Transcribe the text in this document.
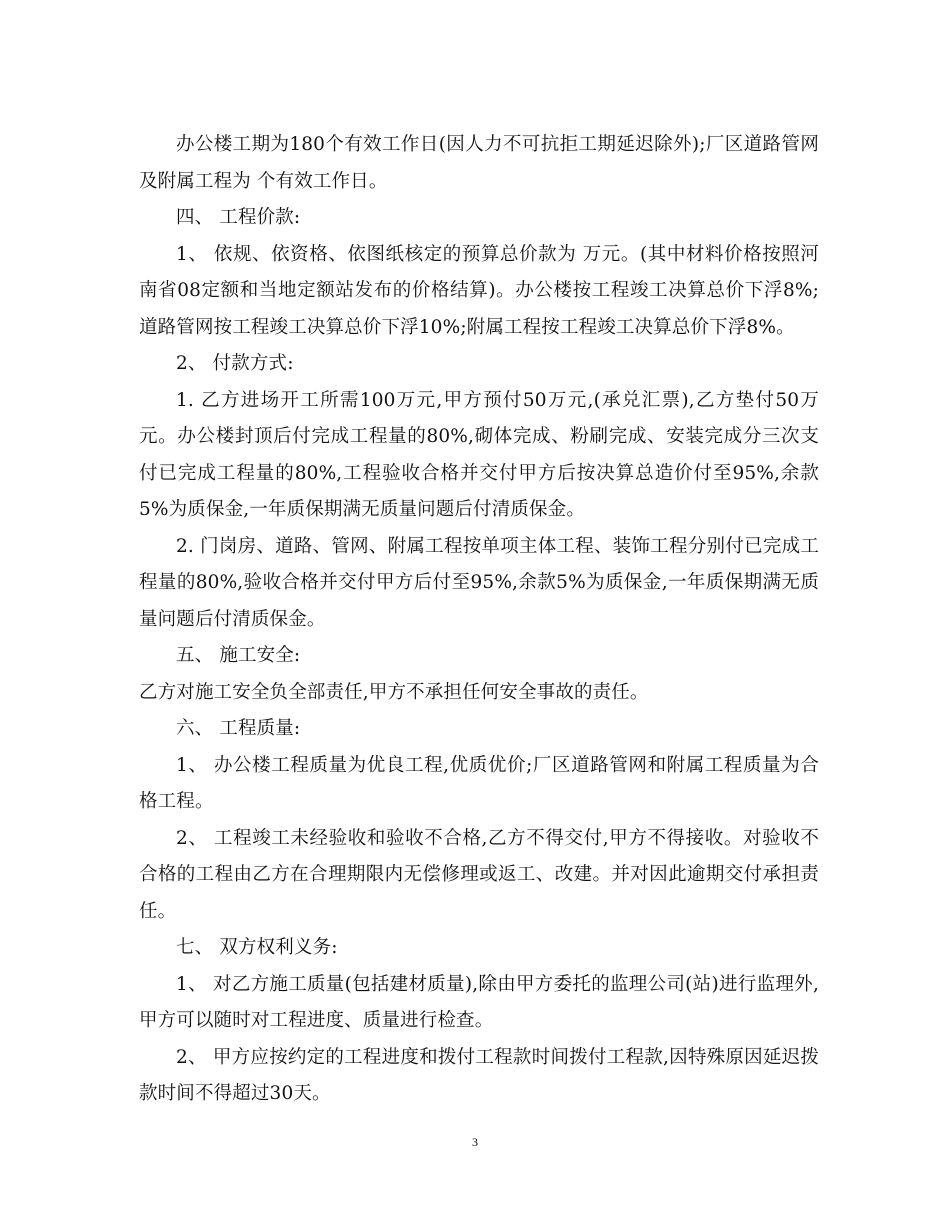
办公楼工期为180个有效工作日(因人力不可抗拒工期延迟除外);厂区道路管网及附属工程为 个有效工作日。

四、 工程价款:

1、 依规、依资格、依图纸核定的预算总价款为 万元。(其中材料价格按照河南省08定额和当地定额站发布的价格结算)。办公楼按工程竣工决算总价下浮8%;道路管网按工程竣工决算总价下浮10%;附属工程按工程竣工决算总价下浮8%。

2、 付款方式:

1. 乙方进场开工所需100万元,甲方预付50万元,(承兑汇票),乙方垫付50万元。办公楼封顶后付完成工程量的80%,砌体完成、粉刷完成、安装完成分三次支付已完成工程量的80%,工程验收合格并交付甲方后按决算总造价付至95%,余款5%为质保金,一年质保期满无质量问题后付清质保金。

2. 门岗房、道路、管网、附属工程按单项主体工程、装饰工程分别付已完成工程量的80%,验收合格并交付甲方后付至95%,余款5%为质保金,一年质保期满无质量问题后付清质保金。

五、 施工安全:

乙方对施工安全负全部责任,甲方不承担任何安全事故的责任。

六、 工程质量:

1、 办公楼工程质量为优良工程,优质优价;厂区道路管网和附属工程质量为合格工程。

2、 工程竣工未经验收和验收不合格,乙方不得交付,甲方不得接收。对验收不合格的工程由乙方在合理期限内无偿修理或返工、改建。并对因此逾期交付承担责任。

七、 双方权利义务:

1、 对乙方施工质量(包括建材质量),除由甲方委托的监理公司(站)进行监理外,甲方可以随时对工程进度、质量进行检查。

2、 甲方应按约定的工程进度和拨付工程款时间拨付工程款,因特殊原因延迟拨款时间不得超过30天。

3
